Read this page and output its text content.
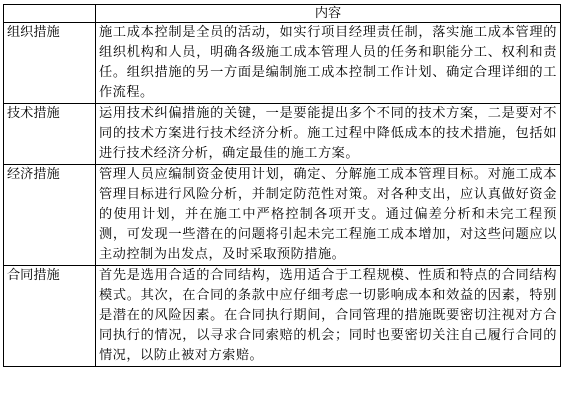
	内容
组织措施	施工成本控制是全员的活动，如实行项目经理责任制，落实施工成本管理的组织机构和人员，明确各级施工成本管理人员的任务和职能分工、权利和责任。组织措施的另一方面是编制施工成本控制工作计划、确定合理详细的工作流程。
技术措施	运用技术纠偏措施的关键，一是要能提出多个不同的技术方案，二是要对不同的技术方案进行技术经济分析。施工过程中降低成本的技术措施，包括如进行技术经济分析，确定最佳的施工方案。
经济措施	管理人员应编制资金使用计划，确定、分解施工成本管理目标。对施工成本管理目标进行风险分析，并制定防范性对策。对各种支出，应认真做好资金的使用计划，并在施工中严格控制各项开支。通过偏差分析和未完工程预测，可发现一些潜在的问题将引起未完工程施工成本增加，对这些问题应以主动控制为出发点，及时采取预防措施。
合同措施	首先是选用合适的合同结构，选用适合于工程规模、性质和特点的合同结构模式。其次，在合同的条款中应仔细考虑一切影响成本和效益的因素，特别是潜在的风险因素。在合同执行期间，合同管理的措施既要密切注视对方合同执行的情况，以寻求合同索赔的机会；同时也要密切关注自己履行合同的情况，以防止被对方索赔。
